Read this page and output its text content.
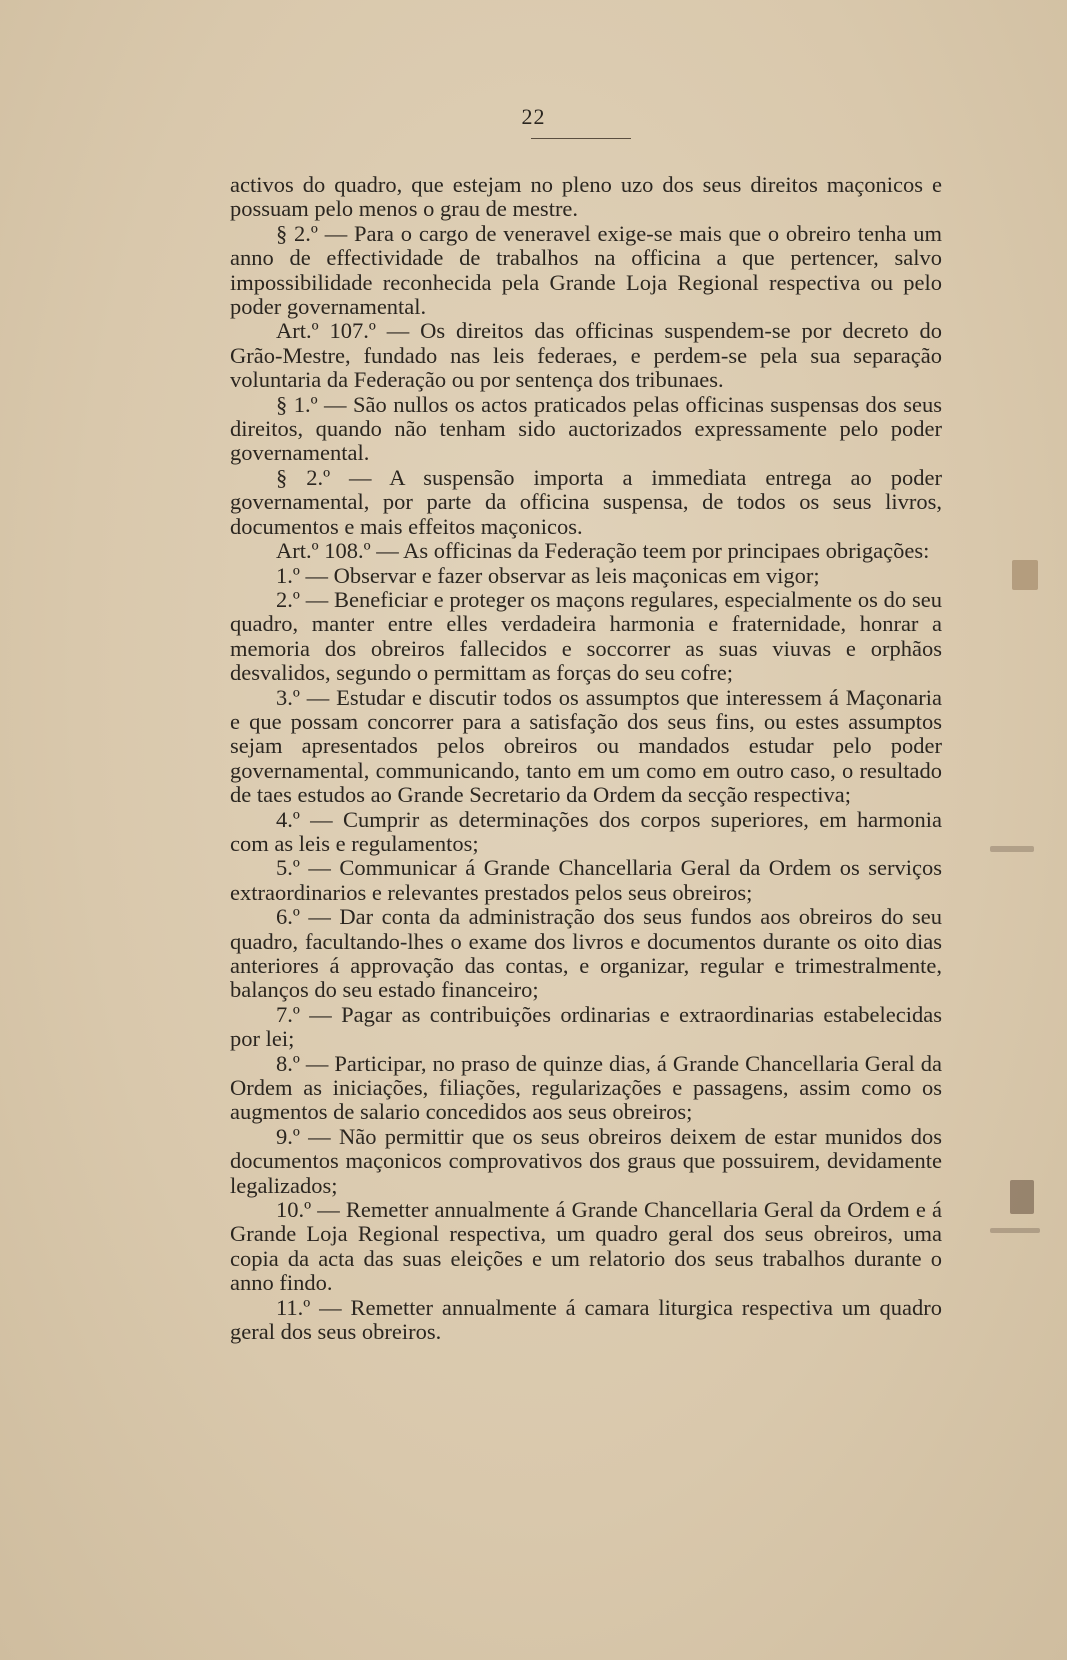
22

activos do quadro, que estejam no pleno uzo dos seus direitos maçonicos e possuam pelo menos o grau de mestre.

§ 2.º — Para o cargo de veneravel exige-se mais que o obreiro tenha um anno de effectividade de trabalhos na officina a que pertencer, salvo impossibilidade reconhecida pela Grande Loja Regional respectiva ou pelo poder governamental.

Art.º 107.º — Os direitos das officinas suspendem-se por decreto do Grão-Mestre, fundado nas leis federaes, e perdem-se pela sua separação voluntaria da Federação ou por sentença dos tribunaes.

§ 1.º — São nullos os actos praticados pelas officinas suspensas dos seus direitos, quando não tenham sido auctorizados expressamente pelo poder governamental.

§ 2.º — A suspensão importa a immediata entrega ao poder governamental, por parte da officina suspensa, de todos os seus livros, documentos e mais effeitos maçonicos.

Art.º 108.º — As officinas da Federação teem por principaes obrigações:

1.º — Observar e fazer observar as leis maçonicas em vigor;

2.º — Beneficiar e proteger os maçons regulares, especialmente os do seu quadro, manter entre elles verdadeira harmonia e fraternidade, honrar a memoria dos obreiros fallecidos e soccorrer as suas viuvas e orphãos desvalidos, segundo o permittam as forças do seu cofre;

3.º — Estudar e discutir todos os assumptos que interessem á Maçonaria e que possam concorrer para a satisfação dos seus fins, ou estes assumptos sejam apresentados pelos obreiros ou mandados estudar pelo poder governamental, communicando, tanto em um como em outro caso, o resultado de taes estudos ao Grande Secretario da Ordem da secção respectiva;

4.º — Cumprir as determinações dos corpos superiores, em harmonia com as leis e regulamentos;

5.º — Communicar á Grande Chancellaria Geral da Ordem os serviços extraordinarios e relevantes prestados pelos seus obreiros;

6.º — Dar conta da administração dos seus fundos aos obreiros do seu quadro, facultando-lhes o exame dos livros e documentos durante os oito dias anteriores á approvação das contas, e organizar, regular e trimestralmente, balanços do seu estado financeiro;

7.º — Pagar as contribuições ordinarias e extraordinarias estabelecidas por lei;

8.º — Participar, no praso de quinze dias, á Grande Chancellaria Geral da Ordem as iniciações, filiações, regularizações e passagens, assim como os augmentos de salario concedidos aos seus obreiros;

9.º — Não permittir que os seus obreiros deixem de estar munidos dos documentos maçonicos comprovativos dos graus que possuirem, devidamente legalizados;

10.º — Remetter annualmente á Grande Chancellaria Geral da Ordem e á Grande Loja Regional respectiva, um quadro geral dos seus obreiros, uma copia da acta das suas eleições e um relatorio dos seus trabalhos durante o anno findo.

11.º — Remetter annualmente á camara liturgica respectiva um quadro geral dos seus obreiros.
